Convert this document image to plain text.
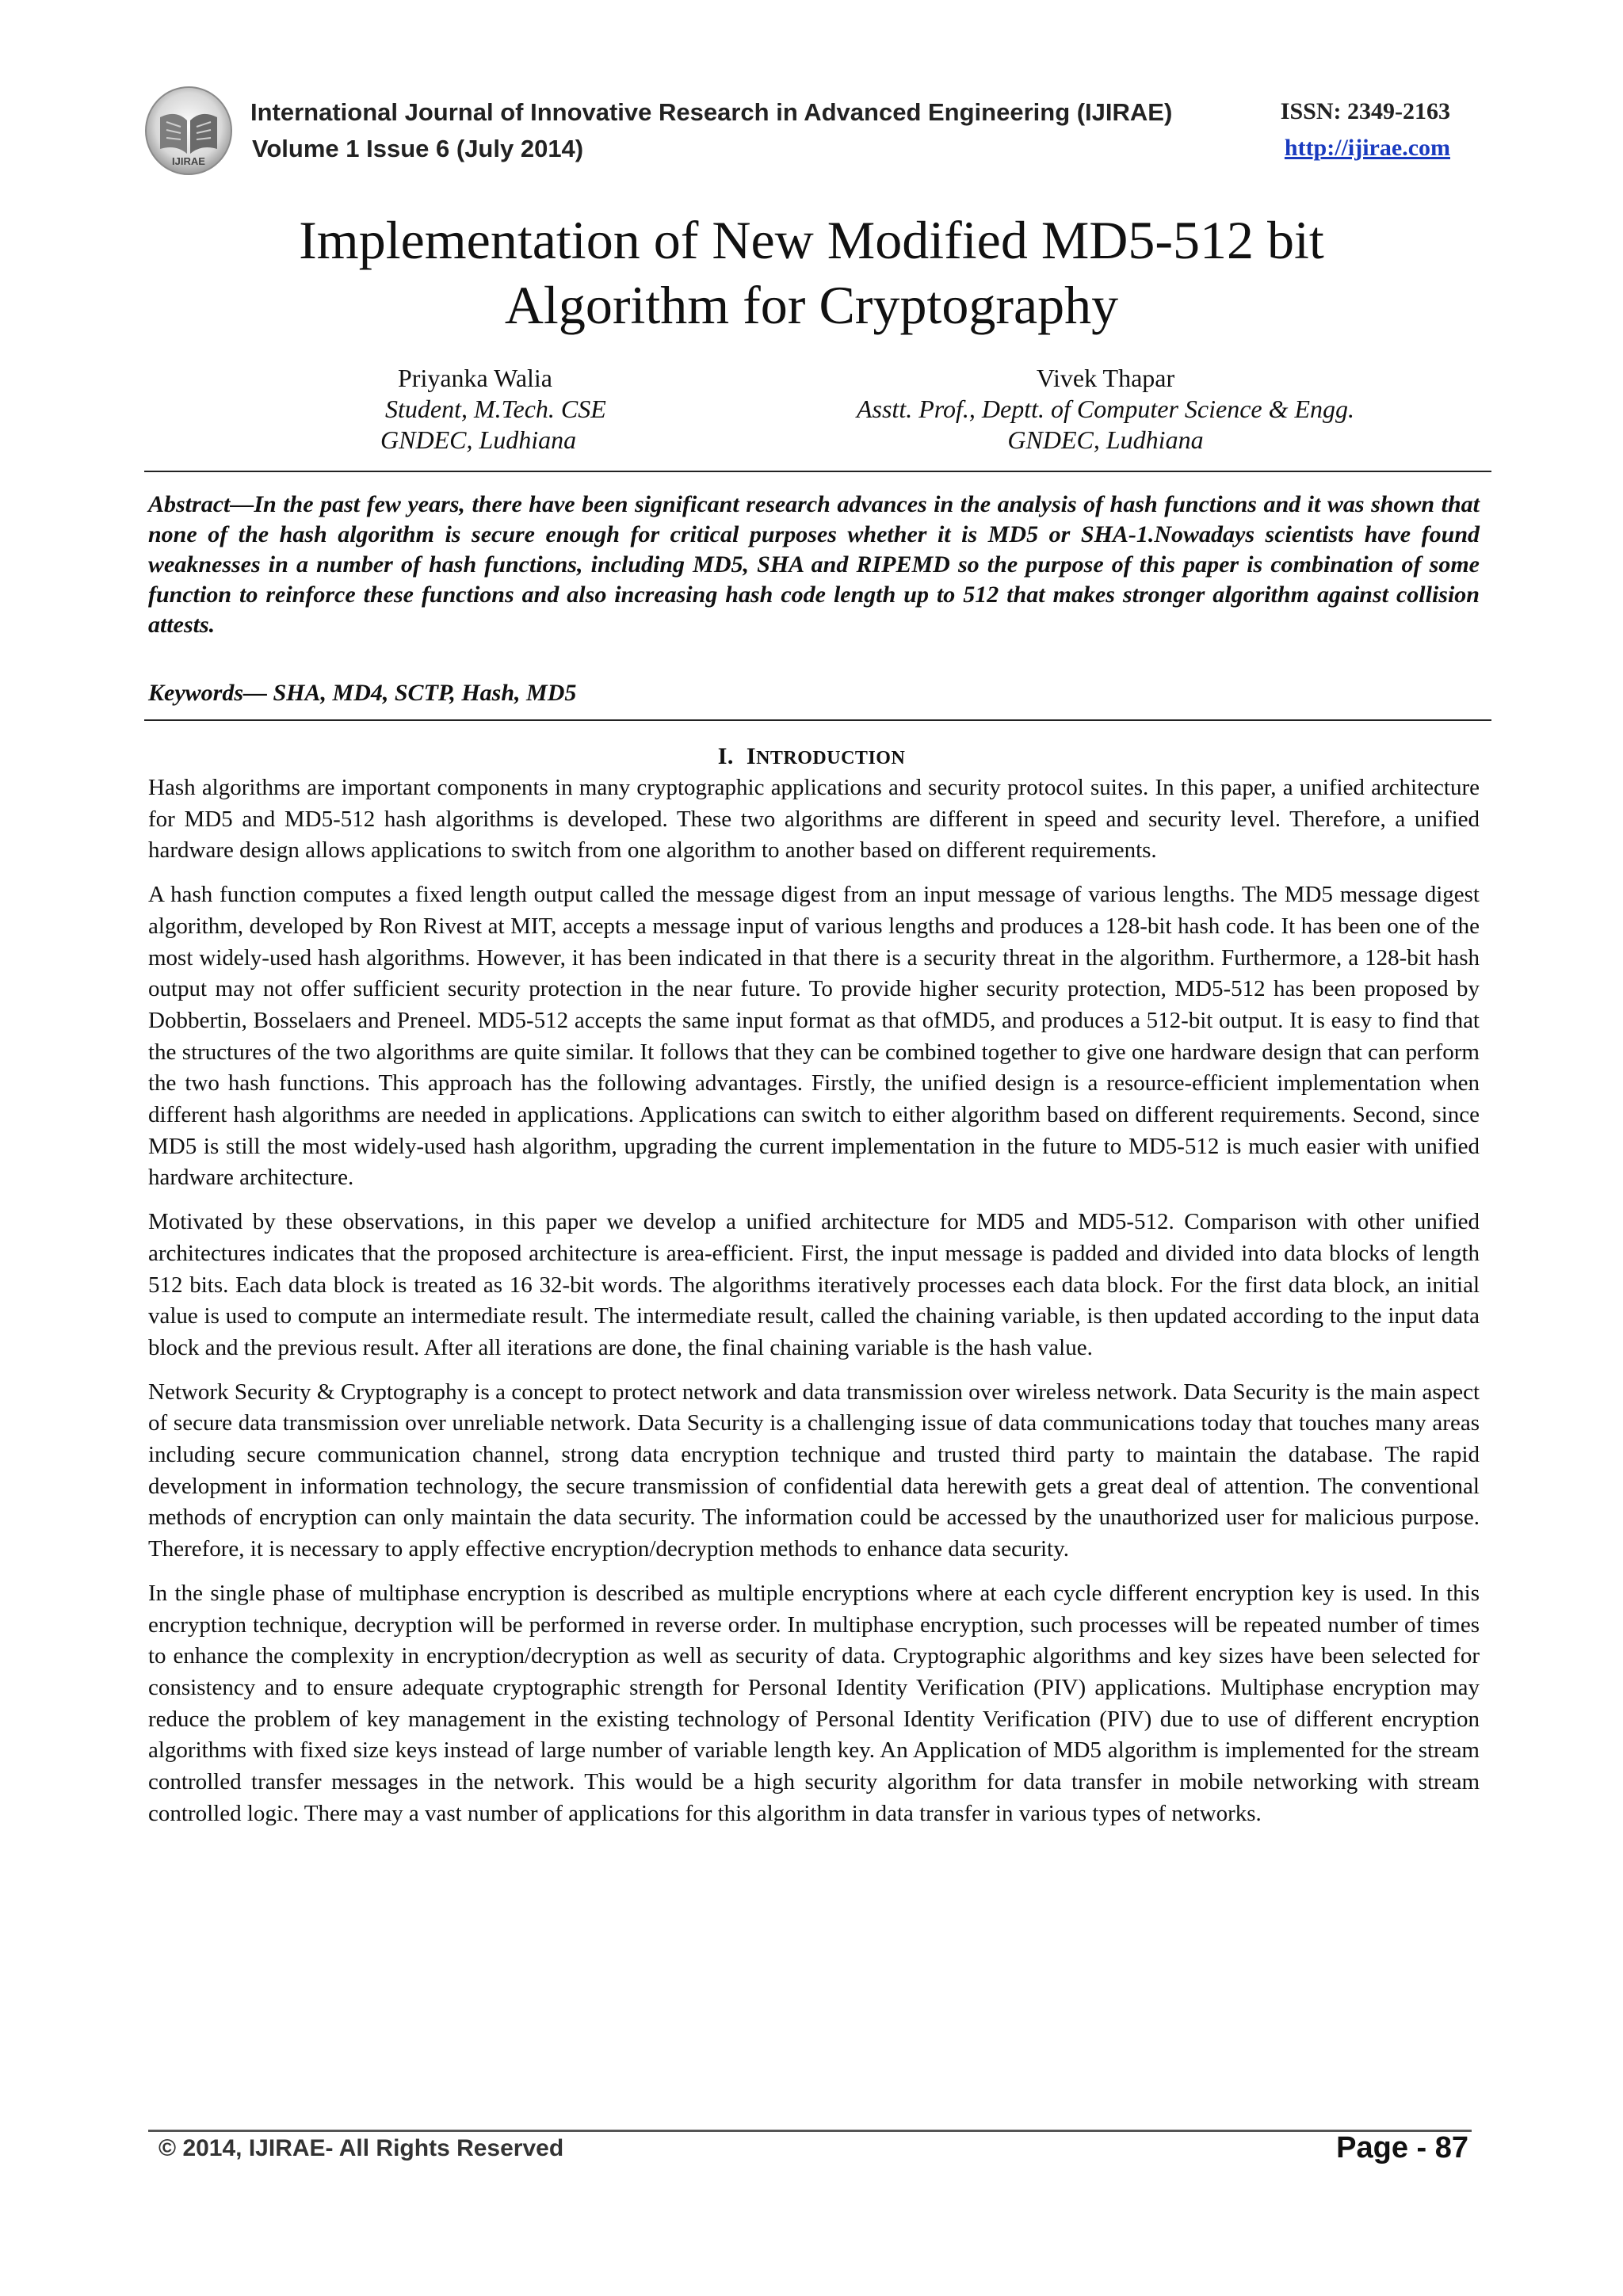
IJIRAE
International Journal of Innovative Research in Advanced Engineering (IJIRAE)
Volume 1 Issue 6 (July 2014)
ISSN: 2349-2163
http://ijirae.com
Implementation of New Modified MD5-512 bit
Algorithm for Cryptography
Priyanka Walia
Student, M.Tech. CSE
GNDEC, Ludhiana
Vivek Thapar
Asstt. Prof., Deptt. of Computer Science & Engg.
GNDEC, Ludhiana
Abstract—In the past few years, there have been significant research advances in the analysis of hash functions and it was shown that none of the hash algorithm is secure enough for critical purposes whether it is MD5 or SHA-1.Nowadays scientists have found weaknesses in a number of hash functions, including MD5, SHA and RIPEMD so the purpose of this paper is combination of some function to reinforce these functions and also increasing hash code length up to 512 that makes stronger algorithm against collision attests.
Keywords— SHA, MD4, SCTP, Hash, MD5
I. INTRODUCTION

Hash algorithms are important components in many cryptographic applications and security protocol suites. In this paper, a unified architecture for MD5 and MD5-512 hash algorithms is developed. These two algorithms are different in speed and security level. Therefore, a unified hardware design allows applications to switch from one algorithm to another based on different requirements.

A hash function computes a fixed length output called the message digest from an input message of various lengths. The MD5 message digest algorithm, developed by Ron Rivest at MIT, accepts a message input of various lengths and produces a 128-bit hash code. It has been one of the most widely-used hash algorithms. However, it has been indicated in that there is a security threat in the algorithm. Furthermore, a 128-bit hash output may not offer sufficient security protection in the near future. To provide higher security protection, MD5-512 has been proposed by Dobbertin, Bosselaers and Preneel. MD5-512 accepts the same input format as that ofMD5, and produces a 512-bit output. It is easy to find that the structures of the two algorithms are quite similar. It follows that they can be combined together to give one hardware design that can perform the two hash functions. This approach has the following advantages. Firstly, the unified design is a resource-efficient implementation when different hash algorithms are needed in applications. Applications can switch to either algorithm based on different requirements. Second, since MD5 is still the most widely-used hash algorithm, upgrading the current implementation in the future to MD5-512 is much easier with unified hardware architecture.

Motivated by these observations, in this paper we develop a unified architecture for MD5 and MD5-512. Comparison with other unified architectures indicates that the proposed architecture is area-efficient. First, the input message is padded and divided into data blocks of length 512 bits. Each data block is treated as 16 32-bit words. The algorithms iteratively processes each data block. For the first data block, an initial value is used to compute an intermediate result. The intermediate result, called the chaining variable, is then updated according to the input data block and the previous result. After all iterations are done, the final chaining variable is the hash value.

Network Security & Cryptography is a concept to protect network and data transmission over wireless network. Data Security is the main aspect of secure data transmission over unreliable network. Data Security is a challenging issue of data communications today that touches many areas including secure communication channel, strong data encryption technique and trusted third party to maintain the database. The rapid development in information technology, the secure transmission of confidential data herewith gets a great deal of attention. The conventional methods of encryption can only maintain the data security. The information could be accessed by the unauthorized user for malicious purpose. Therefore, it is necessary to apply effective encryption/decryption methods to enhance data security.

In the single phase of multiphase encryption is described as multiple encryptions where at each cycle different encryption key is used. In this encryption technique, decryption will be performed in reverse order. In multiphase encryption, such processes will be repeated number of times to enhance the complexity in encryption/decryption as well as security of data. Cryptographic algorithms and key sizes have been selected for consistency and to ensure adequate cryptographic strength for Personal Identity Verification (PIV) applications. Multiphase encryption may reduce the problem of key management in the existing technology of Personal Identity Verification (PIV) due to use of different encryption algorithms with fixed size keys instead of large number of variable length key. An Application of MD5 algorithm is implemented for the stream controlled transfer messages in the network. This would be a high security algorithm for data transfer in mobile networking with stream controlled logic. There may a vast number of applications for this algorithm in data transfer in various types of networks.

© 2014, IJIRAE- All Rights Reserved	Page - 87
